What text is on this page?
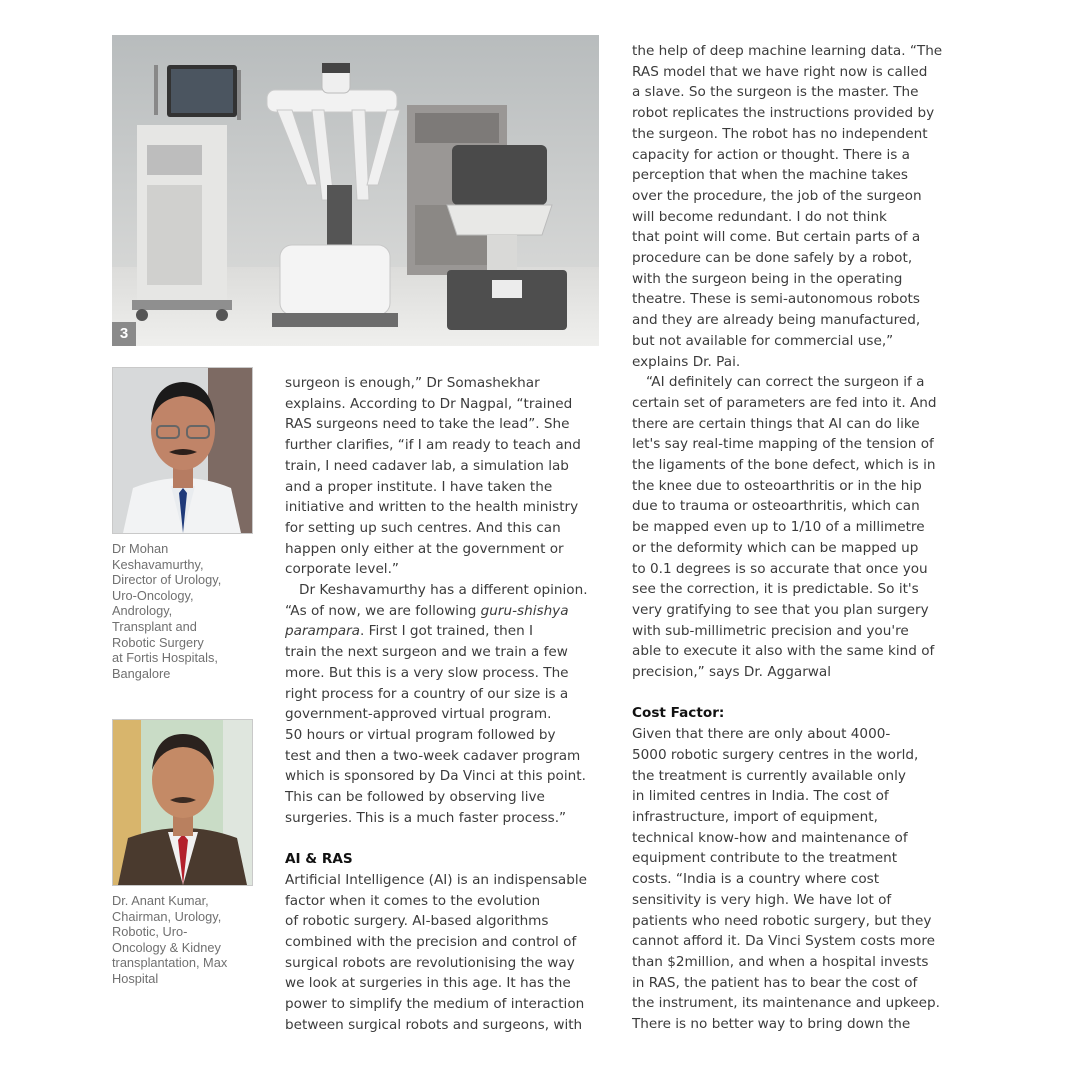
3
Dr Mohan
Keshavamurthy,
Director of Urology,
Uro-Oncology,
Andrology,
Transplant and
Robotic Surgery
at Fortis Hospitals,
Bangalore
Dr. Anant Kumar,
Chairman, Urology,
Robotic, Uro-
Oncology & Kidney
transplantation, Max
Hospital

surgeon is enough,” Dr Somashekhar
explains. According to Dr Nagpal, “trained
RAS surgeons need to take the lead”. She
further clarifies, “if I am ready to teach and
train, I need cadaver lab, a simulation lab
and a proper institute. I have taken the
initiative and written to the health ministry
for setting up such centres. And this can
happen only either at the government or
corporate level.”

Dr Keshavamurthy has a different opinion.
“As of now, we are following guru-shishya
parampara. First I got trained, then I
train the next surgeon and we train a few
more. But this is a very slow process. The
right process for a country of our size is a
government-approved virtual program.
50 hours or virtual program followed by
test and then a two-week cadaver program
which is sponsored by Da Vinci at this point.
This can be followed by observing live
surgeries. This is a much faster process.”

AI & RAS

Artificial Intelligence (AI) is an indispensable
factor when it comes to the evolution
of robotic surgery. AI-based algorithms
combined with the precision and control of
surgical robots are revolutionising the way
we look at surgeries in this age. It has the
power to simplify the medium of interaction
between surgical robots and surgeons, with

the help of deep machine learning data. “The
RAS model that we have right now is called
a slave. So the surgeon is the master. The
robot replicates the instructions provided by
the surgeon. The robot has no independent
capacity for action or thought. There is a
perception that when the machine takes
over the procedure, the job of the surgeon
will become redundant. I do not think
that point will come. But certain parts of a
procedure can be done safely by a robot,
with the surgeon being in the operating
theatre. These is semi-autonomous robots
and they are already being manufactured,
but not available for commercial use,”
explains Dr. Pai.

“AI definitely can correct the surgeon if a
certain set of parameters are fed into it. And
there are certain things that AI can do like
let's say real-time mapping of the tension of
the ligaments of the bone defect, which is in
the knee due to osteoarthritis or in the hip
due to trauma or osteoarthritis, which can
be mapped even up to 1/10 of a millimetre
or the deformity which can be mapped up
to 0.1 degrees is so accurate that once you
see the correction, it is predictable. So it's
very gratifying to see that you plan surgery
with sub-millimetric precision and you're
able to execute it also with the same kind of
precision,” says Dr. Aggarwal

Cost Factor:

Given that there are only about 4000-
5000 robotic surgery centres in the world,
the treatment is currently available only
in limited centres in India. The cost of
infrastructure, import of equipment,
technical know-how and maintenance of
equipment contribute to the treatment
costs. “India is a country where cost
sensitivity is very high. We have lot of
patients who need robotic surgery, but they
cannot afford it. Da Vinci System costs more
than $2million, and when a hospital invests
in RAS, the patient has to bear the cost of
the instrument, its maintenance and upkeep.
There is no better way to bring down the
